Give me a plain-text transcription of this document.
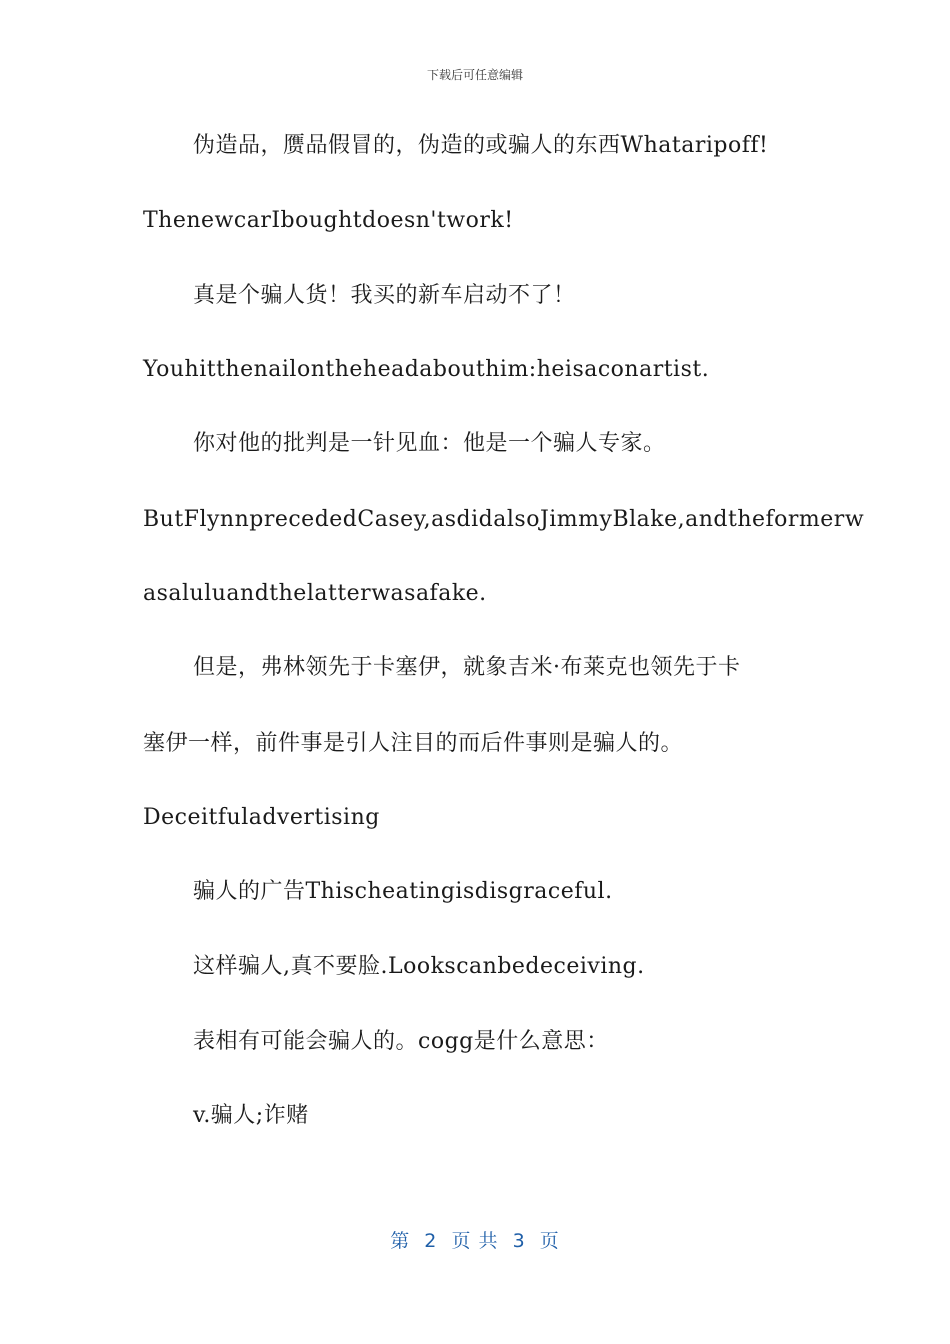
下载后可任意编辑
伪造品，赝品假冒的，伪造的或骗人的东西Whataripoff!
ThenewcarIboughtdoesn'twork!
真是个骗人货！我买的新车启动不了！
Youhitthenailontheheadabouthim:heisaconartist.
你对他的批判是一针见血：他是一个骗人专家。
ButFlynnprecededCasey,asdidalsoJimmyBlake,andtheformerw
asaluluandthelatterwasafake.
但是，弗林领先于卡塞伊，就象吉米·布莱克也领先于卡
塞伊一样，前件事是引人注目的而后件事则是骗人的。
Deceitfuladvertising
骗人的广告Thischeatingisdisgraceful.
这样骗人,真不要脸.Lookscanbedeceiving.
表相有可能会骗人的。cogg是什么意思：
v.骗人;诈赌
第  2  页 共  3  页
